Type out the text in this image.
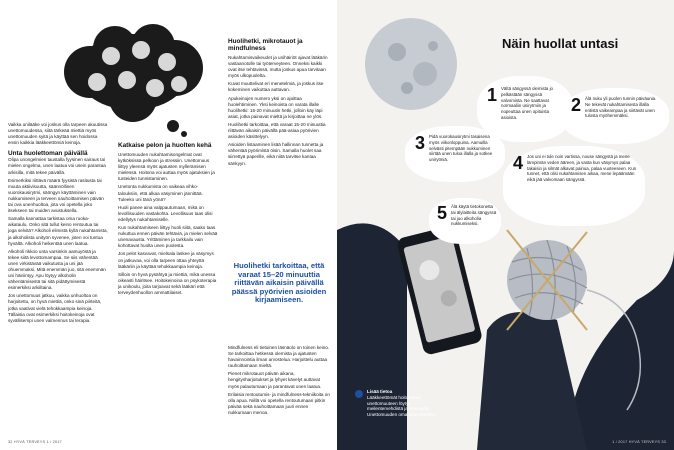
Vaikka unilääke voi joskus olla tarpeen akuutissa unettomuudessa, siitä tärkeää miettiä myös unettomuuden syitä ja käyttää sen hoidossa ensin kaikkia lääkkeettömiä keinoja.

Unta huolettoman päivällä

Olipa unongelmien taustalla fyysinen sairaus tai mielen ongelma, unen laatua voi usein parantaa arkisilla, mitä tekee päivällä.

Esimerkiksi riittävä määrä fyysistä rasitusta tai muuta aktiivisuutta, säännöllinen vuorokausirytmi, säöngyn käyttäminen vain nukkumiseen ja terveen nauhoittamisen päivän tai ova unenhuoltoa, jota voi opetella joko itsekseen tai muiden avustuksella.

Samalla kannattaa tarkistaa oma ruoka-aikataulu. Onko sitä tullut keino rentoutua tai joga selvitä? Alkoholi elimistä kyllä nukahtamista, ja alkoholista unityön syvenee, joten voi tuntua hyvältä. Alkoholi heikentää unen laatua.

Alkoholi rikkoo unta varsinkin aamuyöstä ja tekee siitä levottomampaa. Se siis vähentää unen virkistävää vaikutusta ja uni jää ohuemmaksi. Mitä enemmän juo, sitä enemmän uni häiriintyy. Apu löytyy alkoholin vähentämisestä tai sitä pidättymisestä esimerkiksi arkiiltaina.

Jos unettomuus jatkuu, vaikka unhuoltoa on harjoitettu, on hyvä miettiä, onko sinä piirteitä, jotka vaativat vielä tehokkaampia keinoja. Tällaisia ovat esimerkiksi hoitokeinoja ovat syvällisempi unen valmennus tai terapia.

Katkaise pelon ja huolten kehä

Unettomuuden nukahtamisongelmat ovat kytköksissä pelkoon ja stressiin. Unettomuus liittyy yleensä myös ajatusten myllerämisen mielessä. Hoitona voi auttaa myös ajatuksien ja tunteiden tunnistaminen.

Unetonta nukkumista on vaikeaa vihko-talouksiin, että alkaa väsyminen jännittää. Tuleeko uni tänä yönä?

Huoli panee aina valppautumaan, mikä on levollisuuden vastakohta. Levollisuus taas olisi edellytys nukahtamiselle.

Kun nukahtamiseen liittyy huoli siitä, saako taas nukuttua ennen päivän tehtäviä, ja mielen selvää unenavausta. Yrittäminen ja tarkkailu vain kohottavat huolta unen puolesta.

Jos pelot kasvavat, mielsala laskee ja väsymys on jatkuvaa, voi olla tarpeen ottaa yhteyttä lääkäriin ja käyttää tehokkaampia keinoja.

Silloin on hyvä pysähtyä ja miettiä, mikä unessa oikeasti häiritsee. Hoitokeinoina on psykoterapia ja unikoulu, joita tarjoavat sekä lääkäri että terveydenhuollon ammattilaiset.

Huolihetki, mikrotauot ja mindfulness

Nukahtamisvaikeudet ja unihäiriöt ajavat lääkärin vastaanotolle tai työterveyteen. Onneksi kaikki ovat itse tehtävissä, mutta joskus apua tarvitaan myös ulkopuolelta.

Kuvat muuttelivat eri menetelmiä, ja joskus itse kokeminen vaikuttaa auttavan.

Apukeinojen numero yksi on ajoittaa huolehtiminen. Yksi keinoista on varata illalle huolihetki: 15-20 minuutin hetki, jolloin käy läpi asiat, jotka painavat mieltä ja kirjoittaa ne ylös.

Huolihetki tarkoittaa, että varaat 15-20 minuuttia riittävän aikaisin päivällä pää-asiaa pyörivien asioiden käsittelyyn.

Asioiden listaaminen lisää hallinnan tunnetta ja vähentää pyörimistä öisin. Samalla huolet saa siirrettyä paperille, eikä niitä tarvitse kantaa sänkyyn.

Huolihetki tarkoittaa, että varaat 15–20 minuuttia riittävän aikaisin päivällä päässä pyörivien asioiden kirjaamiseen.

Mindfulness eli tietoinen läsnäolo on toinen keino. Se tarkoittaa hetkessä olemista ja ajatusten havainnointia ilman arvostelua. Harjoittelu auttaa rauhoittamaan mieltä.

Pienet mikrotauot päivän aikana, hengitysharjoitukset ja lyhyet kävelyt auttavat myös palautumaan ja parantavat unen laatua.

Erilaisia rentoutumis- ja mindfulness-tekniikoita on olla apua. Niillä voi opetella rentoutumaan pitkin päivää sekä nauhoittamaan juuri ennen nukkumaan menoa.

32 HYVÄ TERVEYS 1 / 2017
Näin huollat untasi
1 Vältä sängyssä olemista jo pelkästään sängyssä valvomista. Ne saattavat normaaliin unirytmiin ja nopeuttaa unen opituista asioista.
2 Älä nuku yli puolen tunnin päiväunia. Ne tekevät nukahtamisesta illalla entistä vaikeampaa ja siirtävät unen tulosta myöhemmäksi.
3 Pidä vuorokausirytmi tasaisena myös viikonloppuina. Aamuilla selvästi pitempään nukkuminen siirtää unen tuloa illalla ja sotkee unirytmiä.	4 Jos uni ei tule noin vartissa, nouse sängystä ja mene lämpimän veden ääreen, ja vasta kun väsymys palaa takaisin ja silmät alkavat painua, palaa vuoteeseen. Kun tunnet, että olisi nukahtamisen aikaa, mene lepäämään eikä jää valvomaan sängyssä.
5 Älä käytä tietokonetta tai älylaitteita sängyssä tai juo alkoholia nukkumiseksi.
Lisää tietoa
Lääkkeettömät hoitokeinot unettomuuteen löytyy meilentervehdistä ja sivustolta: Unettomuuden omahoito-ohjelma.
1 / 2017 HYVÄ TERVEYS 33
